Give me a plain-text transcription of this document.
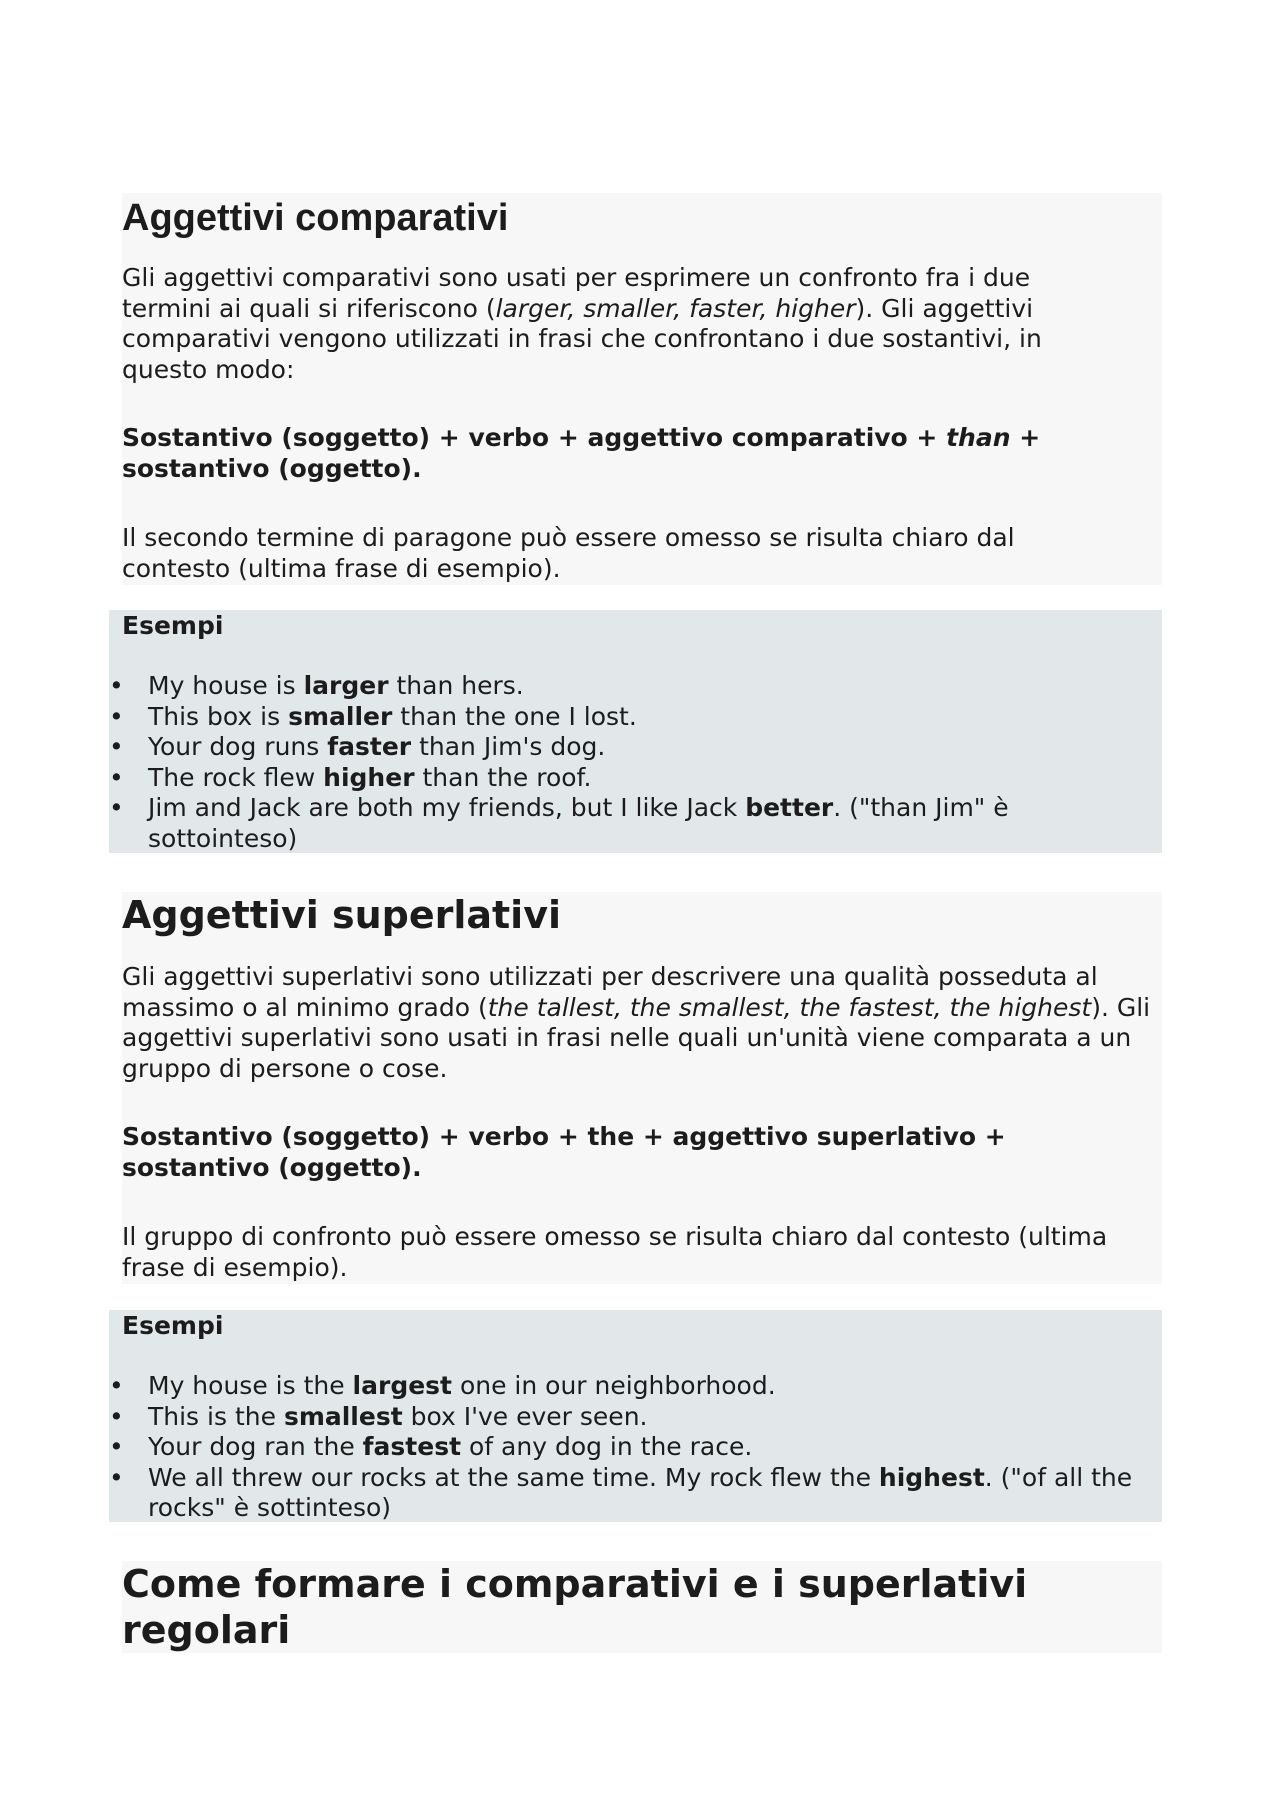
Aggettivi comparativi

Gli aggettivi comparativi sono usati per esprimere un confronto fra i due termini ai quali si riferiscono (larger, smaller, faster, higher). Gli aggettivi comparativi vengono utilizzati in frasi che confrontano i due sostantivi, in questo modo:

Sostantivo (soggetto) + verbo + aggettivo comparativo + than + sostantivo (oggetto).

Il secondo termine di paragone può essere omesso se risulta chiaro dal contesto (ultima frase di esempio).

Esempi
• My house is larger than hers.
• This box is smaller than the one I lost.
• Your dog runs faster than Jim's dog.
• The rock flew higher than the roof.
• Jim and Jack are both my friends, but I like Jack better. ("than Jim" è sottointeso)
Aggettivi superlativi

Gli aggettivi superlativi sono utilizzati per descrivere una qualità posseduta al massimo o al minimo grado (the tallest, the smallest, the fastest, the highest). Gli aggettivi superlativi sono usati in frasi nelle quali un'unità viene comparata a un gruppo di persone o cose.

Sostantivo (soggetto) + verbo + the + aggettivo superlativo + sostantivo (oggetto).

Il gruppo di confronto può essere omesso se risulta chiaro dal contesto (ultima frase di esempio).

Esempi
• My house is the largest one in our neighborhood.
• This is the smallest box I've ever seen.
• Your dog ran the fastest of any dog in the race.
• We all threw our rocks at the same time. My rock flew the highest. ("of all the rocks" è sottinteso)
Come formare i comparativi e i superlativi regolari
